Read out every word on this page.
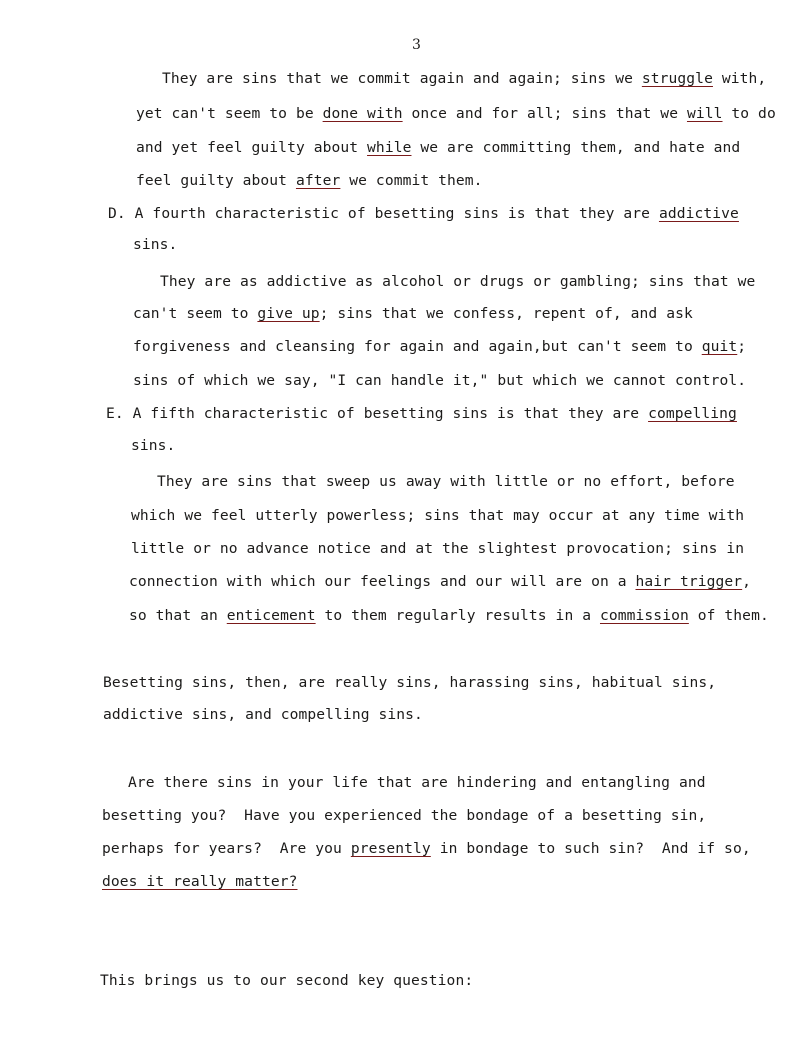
3
They are sins that we commit again and again; sins we struggle with,
yet can't seem to be done with once and for all; sins that we will to do
and yet feel guilty about while we are committing them, and hate and
feel guilty about after we commit them.
D. A fourth characteristic of besetting sins is that they are addictive
sins.
They are as addictive as alcohol or drugs or gambling; sins that we
can't seem to give up; sins that we confess, repent of, and ask
forgiveness and cleansing for again and again,but can't seem to quit;
sins of which we say, "I can handle it," but which we cannot control.
E. A fifth characteristic of besetting sins is that they are compelling
sins.
They are sins that sweep us away with little or no effort, before
which we feel utterly powerless; sins that may occur at any time with
little or no advance notice and at the slightest provocation; sins in
connection with which our feelings and our will are on a hair trigger,
so that an enticement to them regularly results in a commission of them.
Besetting sins, then, are really sins, harassing sins, habitual sins,
addictive sins, and compelling sins.
Are there sins in your life that are hindering and entangling and
besetting you?  Have you experienced the bondage of a besetting sin,
perhaps for years?  Are you presently in bondage to such sin?  And if so,
does it really matter?
This brings us to our second key question:
